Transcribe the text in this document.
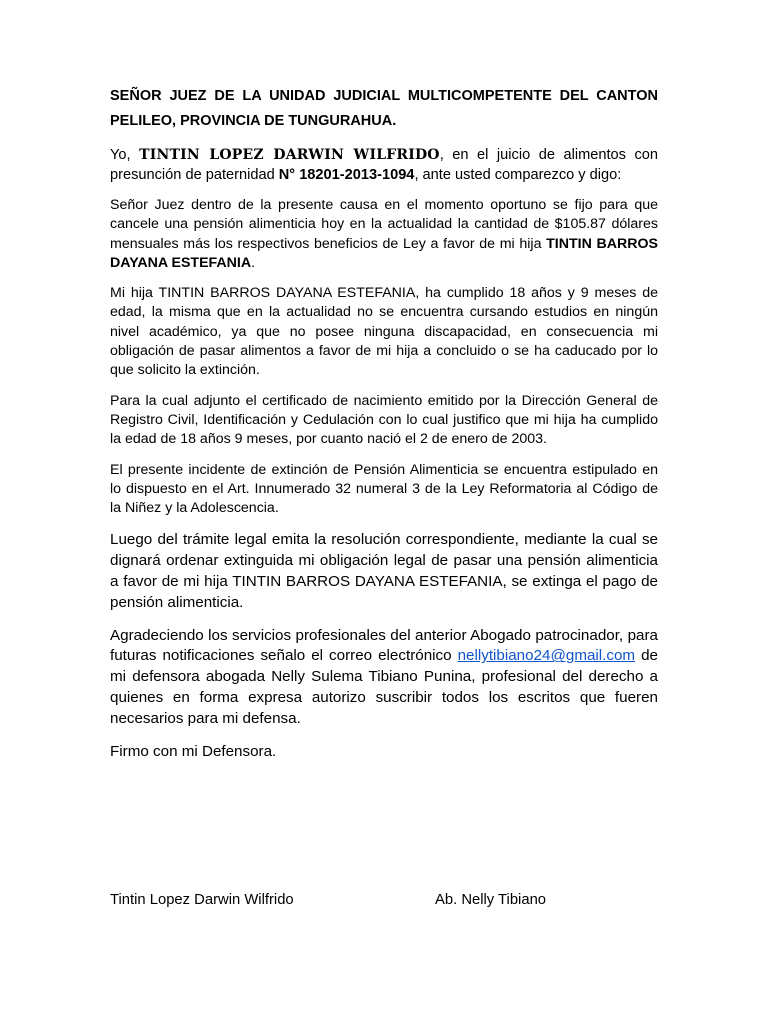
SEÑOR JUEZ DE LA UNIDAD JUDICIAL MULTICOMPETENTE DEL CANTON PELILEO, PROVINCIA DE TUNGURAHUA.

Yo, TINTIN LOPEZ DARWIN WILFRIDO, en el juicio de alimentos con presunción de paternidad N° 18201-2013-1094, ante usted comparezco y digo:

Señor Juez dentro de la presente causa en el momento oportuno se fijo para que cancele una pensión alimenticia hoy en la actualidad la cantidad de $105.87 dólares mensuales más los respectivos beneficios de Ley a favor de mi hija TINTIN BARROS DAYANA ESTEFANIA.

Mi hija TINTIN BARROS DAYANA ESTEFANIA, ha cumplido 18 años y 9 meses de edad, la misma que en la actualidad no se encuentra cursando estudios en ningún nivel académico, ya que no posee ninguna discapacidad, en consecuencia mi obligación de pasar alimentos a favor de mi hija a concluido o se ha caducado por lo que solicito la extinción.

Para la cual adjunto el certificado de nacimiento emitido por la Dirección General de Registro Civil, Identificación y Cedulación con lo cual justifico que mi hija ha cumplido la edad de 18 años 9 meses, por cuanto nació el 2 de enero de 2003.

El presente incidente de extinción de Pensión Alimenticia se encuentra estipulado en lo dispuesto en el Art. Innumerado 32 numeral 3 de la Ley Reformatoria al Código de la Niñez y la Adolescencia.

Luego del trámite legal emita la resolución correspondiente, mediante la cual se dignará ordenar extinguida mi obligación legal de pasar una pensión alimenticia a favor de mi hija TINTIN BARROS DAYANA ESTEFANIA, se extinga el pago de pensión alimenticia.

Agradeciendo los servicios profesionales del anterior Abogado patrocinador, para futuras notificaciones señalo el correo electrónico nellytibiano24@gmail.com de mi defensora abogada Nelly Sulema Tibiano Punina, profesional del derecho a quienes en forma expresa autorizo suscribir todos los escritos que fueren necesarios para mi defensa.

Firmo con mi Defensora.

Tintin Lopez Darwin Wilfrido	Ab. Nelly Tibiano
